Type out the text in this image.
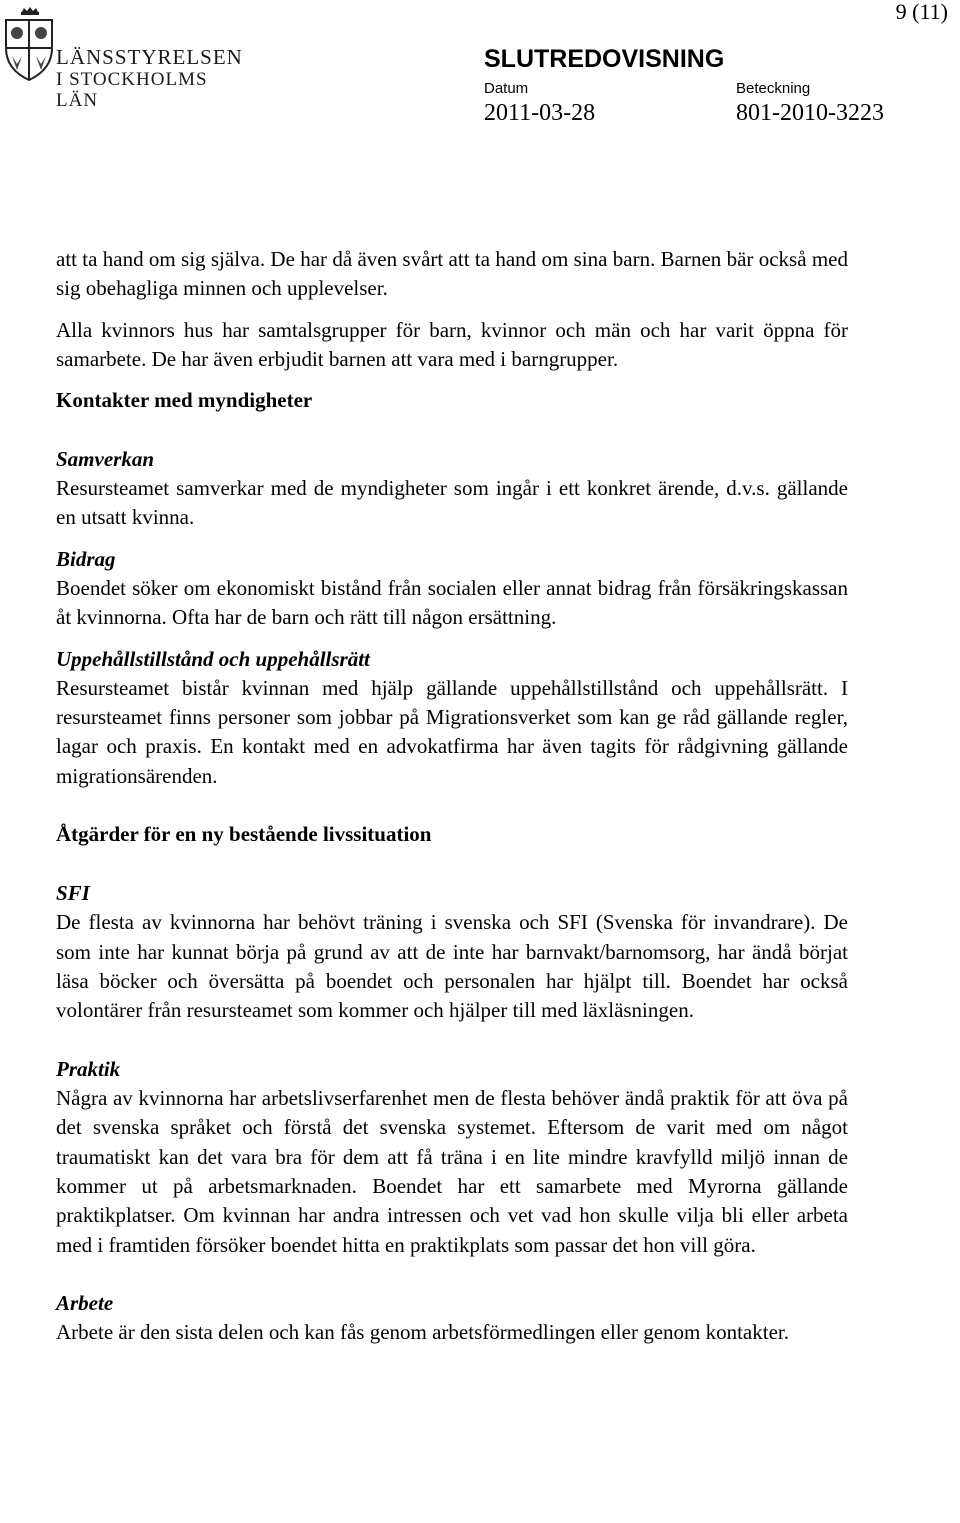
9 (11)
LÄNSSTYRELSEN
I STOCKHOLMS LÄN
SLUTREDOVISNING
Datum	Beteckning
2011-03-28	801-2010-3223

att ta hand om sig själva. De har då även svårt att ta hand om sina barn. Barnen bär också med sig obehagliga minnen och upplevelser.

Alla kvinnors hus har samtalsgrupper för barn, kvinnor och män och har varit öppna för samarbete. De har även erbjudit barnen att vara med i barngrupper.

Kontakter med myndigheter
Samverkan

Resursteamet samverkar med de myndigheter som ingår i ett konkret ärende, d.v.s. gällande en utsatt kvinna.

Bidrag

Boendet söker om ekonomiskt bistånd från socialen eller annat bidrag från försäkringskassan åt kvinnorna. Ofta har de barn och rätt till någon ersättning.

Uppehållstillstånd och uppehållsrätt

Resursteamet bistår kvinnan med hjälp gällande uppehållstillstånd och uppehållsrätt. I resursteamet finns personer som jobbar på Migrationsverket som kan ge råd gällande regler, lagar och praxis. En kontakt med en advokatfirma har även tagits för rådgivning gällande migrationsärenden.

Åtgärder för en ny bestående livssituation
SFI

De flesta av kvinnorna har behövt träning i svenska och SFI (Svenska för invandrare). De som inte har kunnat börja på grund av att de inte har barnvakt/barnomsorg, har ändå börjat läsa böcker och översätta på boendet och personalen har hjälpt till. Boendet har också volontärer från resursteamet som kommer och hjälper till med läxläsningen.

Praktik

Några av kvinnorna har arbetslivserfarenhet men de flesta behöver ändå praktik för att öva på det svenska språket och förstå det svenska systemet. Eftersom de varit med om något traumatiskt kan det vara bra för dem att få träna i en lite mindre kravfylld miljö innan de kommer ut på arbetsmarknaden. Boendet har ett samarbete med Myrorna gällande praktikplatser. Om kvinnan har andra intressen och vet vad hon skulle vilja bli eller arbeta med i framtiden försöker boendet hitta en praktikplats som passar det hon vill göra.

Arbete

Arbete är den sista delen och kan fås genom arbetsförmedlingen eller genom kontakter.
